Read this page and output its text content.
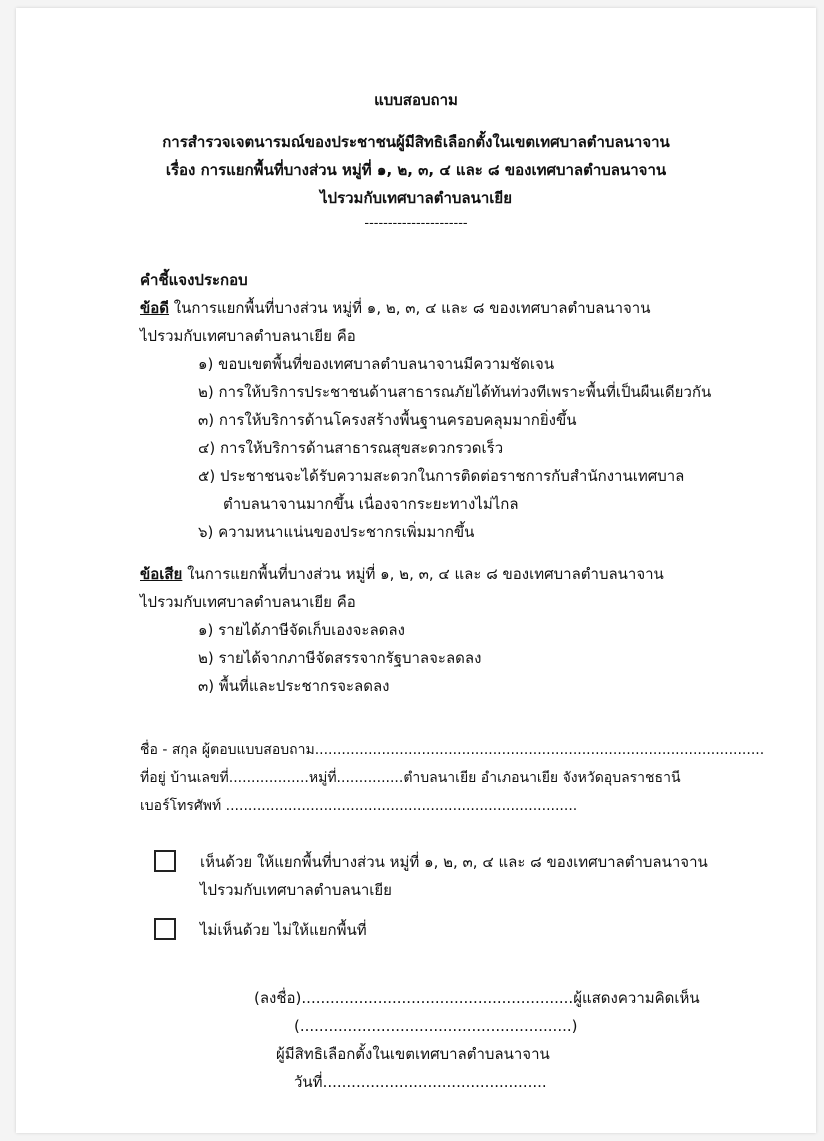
แบบสอบถาม
การสำรวจเจตนารมณ์ของประชาชนผู้มีสิทธิเลือกตั้งในเขตเทศบาลตำบลนาจาน
เรื่อง การแยกพื้นที่บางส่วน หมู่ที่ ๑, ๒, ๓, ๔ และ ๘ ของเทศบาลตำบลนาจาน
ไปรวมกับเทศบาลตำบลนาเยีย
----------------------
คำชี้แจงประกอบ
ข้อดี ในการแยกพื้นที่บางส่วน หมู่ที่ ๑, ๒, ๓, ๔ และ ๘ ของเทศบาลตำบลนาจาน
ไปรวมกับเทศบาลตำบลนาเยีย คือ
๑) ขอบเขตพื้นที่ของเทศบาลตำบลนาจานมีความชัดเจน
๒) การให้บริการประชาชนด้านสาธารณภัยได้ทันท่วงทีเพราะพื้นที่เป็นผืนเดียวกัน
๓) การให้บริการด้านโครงสร้างพื้นฐานครอบคลุมมากยิ่งขึ้น
๔) การให้บริการด้านสาธารณสุขสะดวกรวดเร็ว
๕) ประชาชนจะได้รับความสะดวกในการติดต่อราชการกับสำนักงานเทศบาล
ตำบลนาจานมากขึ้น เนื่องจากระยะทางไม่ไกล
๖) ความหนาแน่นของประชากรเพิ่มมากขึ้น
ข้อเสีย ในการแยกพื้นที่บางส่วน หมู่ที่ ๑, ๒, ๓, ๔ และ ๘ ของเทศบาลตำบลนาจาน
ไปรวมกับเทศบาลตำบลนาเยีย คือ
๑) รายได้ภาษีจัดเก็บเองจะลดลง
๒) รายได้จากภาษีจัดสรรจากรัฐบาลจะลดลง
๓) พื้นที่และประชากรจะลดลง
ชื่อ - สกุล ผู้ตอบแบบสอบถาม.....................................................................................................
ที่อยู่ บ้านเลขที่..................หมู่ที่...............ตำบลนาเยีย อำเภอนาเยีย จังหวัดอุบลราชธานี
เบอร์โทรศัพท์ ...............................................................................
เห็นด้วย ให้แยกพื้นที่บางส่วน หมู่ที่ ๑, ๒, ๓, ๔ และ ๘ ของเทศบาลตำบลนาจาน
ไปรวมกับเทศบาลตำบลนาเยีย
ไม่เห็นด้วย ไม่ให้แยกพื้นที่
(ลงชื่อ).........................................................ผู้แสดงความคิดเห็น
(.........................................................)
ผู้มีสิทธิเลือกตั้งในเขตเทศบาลตำบลนาจาน
วันที่...............................................
